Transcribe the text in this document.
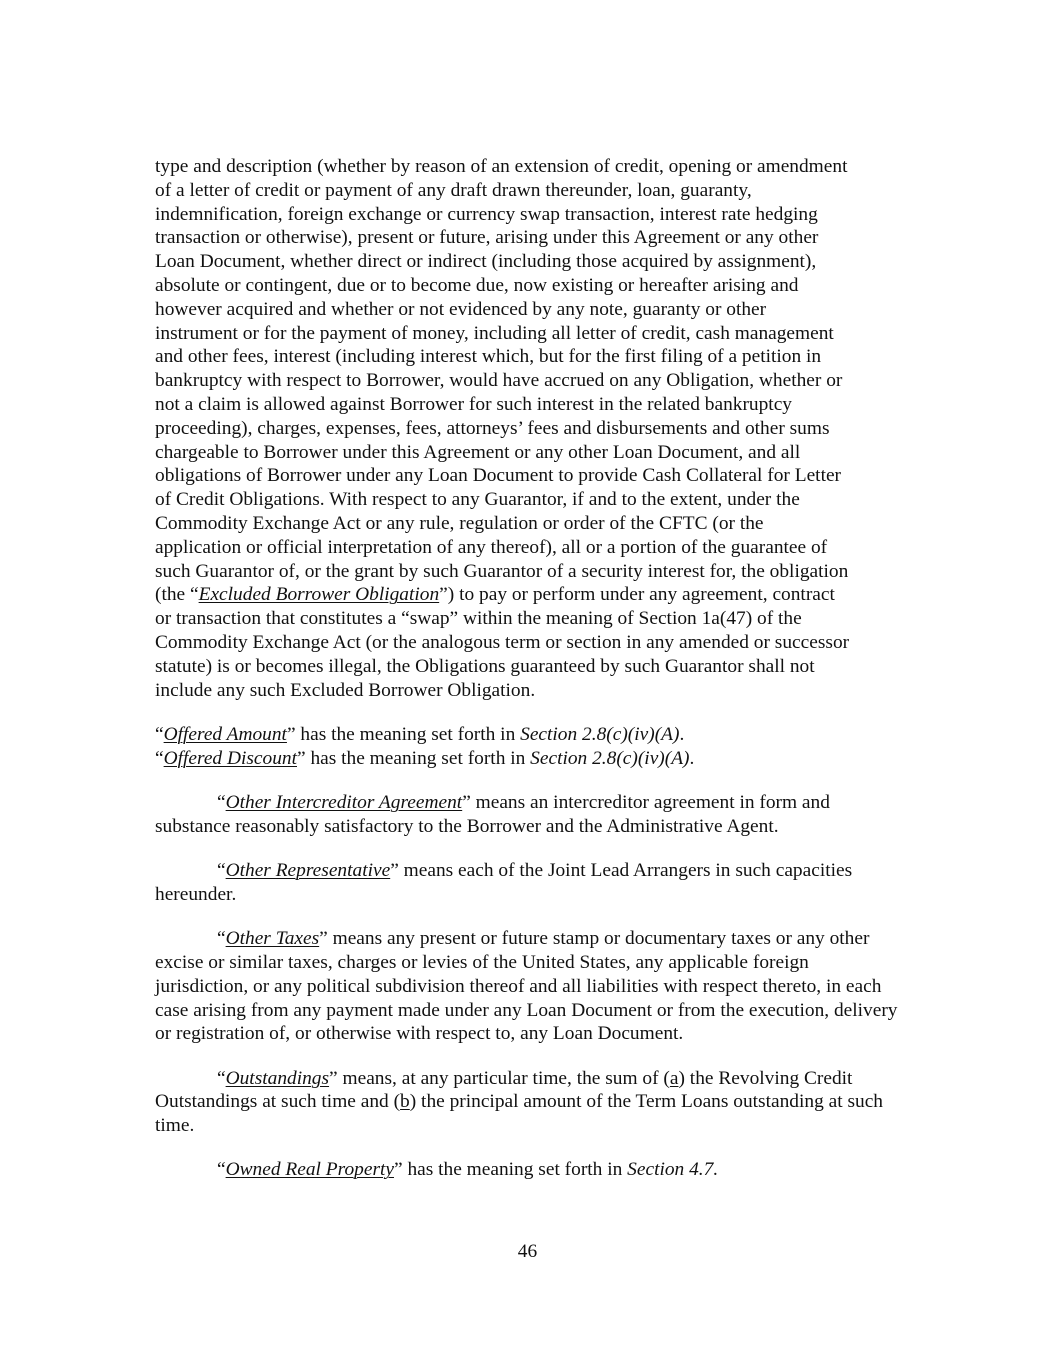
type and description (whether by reason of an extension of credit, opening or amendment
of a letter of credit or payment of any draft drawn thereunder, loan, guaranty,
indemnification, foreign exchange or currency swap transaction, interest rate hedging
transaction or otherwise), present or future, arising under this Agreement or any other
Loan Document, whether direct or indirect (including those acquired by assignment),
absolute or contingent, due or to become due, now existing or hereafter arising and
however acquired and whether or not evidenced by any note, guaranty or other
instrument or for the payment of money, including all letter of credit, cash management
and other fees, interest (including interest which, but for the first filing of a petition in
bankruptcy with respect to Borrower, would have accrued on any Obligation, whether or
not a claim is allowed against Borrower for such interest in the related bankruptcy
proceeding), charges, expenses, fees, attorneys’ fees and disbursements and other sums
chargeable to Borrower under this Agreement or any other Loan Document, and all
obligations of Borrower under any Loan Document to provide Cash Collateral for Letter
of Credit Obligations. With respect to any Guarantor, if and to the extent, under the
Commodity Exchange Act or any rule, regulation or order of the CFTC (or the
application or official interpretation of any thereof), all or a portion of the guarantee of
such Guarantor of, or the grant by such Guarantor of a security interest for, the obligation
(the “Excluded Borrower Obligation”) to pay or perform under any agreement, contract
or transaction that constitutes a “swap” within the meaning of Section 1a(47) of the
Commodity Exchange Act (or the analogous term or section in any amended or successor
statute) is or becomes illegal, the Obligations guaranteed by such Guarantor shall not
include any such Excluded Borrower Obligation.

“Offered Amount” has the meaning set forth in Section 2.8(c)(iv)(A).

“Offered Discount” has the meaning set forth in Section 2.8(c)(iv)(A).

“Other Intercreditor Agreement” means an intercreditor agreement in form and substance reasonably satisfactory to the Borrower and the Administrative Agent.

“Other Representative” means each of the Joint Lead Arrangers in such capacities hereunder.

“Other Taxes” means any present or future stamp or documentary taxes or any other excise or similar taxes, charges or levies of the United States, any applicable foreign jurisdiction, or any political subdivision thereof and all liabilities with respect thereto, in each case arising from any payment made under any Loan Document or from the execution, delivery or registration of, or otherwise with respect to, any Loan Document.

“Outstandings” means, at any particular time, the sum of (a) the Revolving Credit Outstandings at such time and (b) the principal amount of the Term Loans outstanding at such time.

“Owned Real Property” has the meaning set forth in Section 4.7.

46
